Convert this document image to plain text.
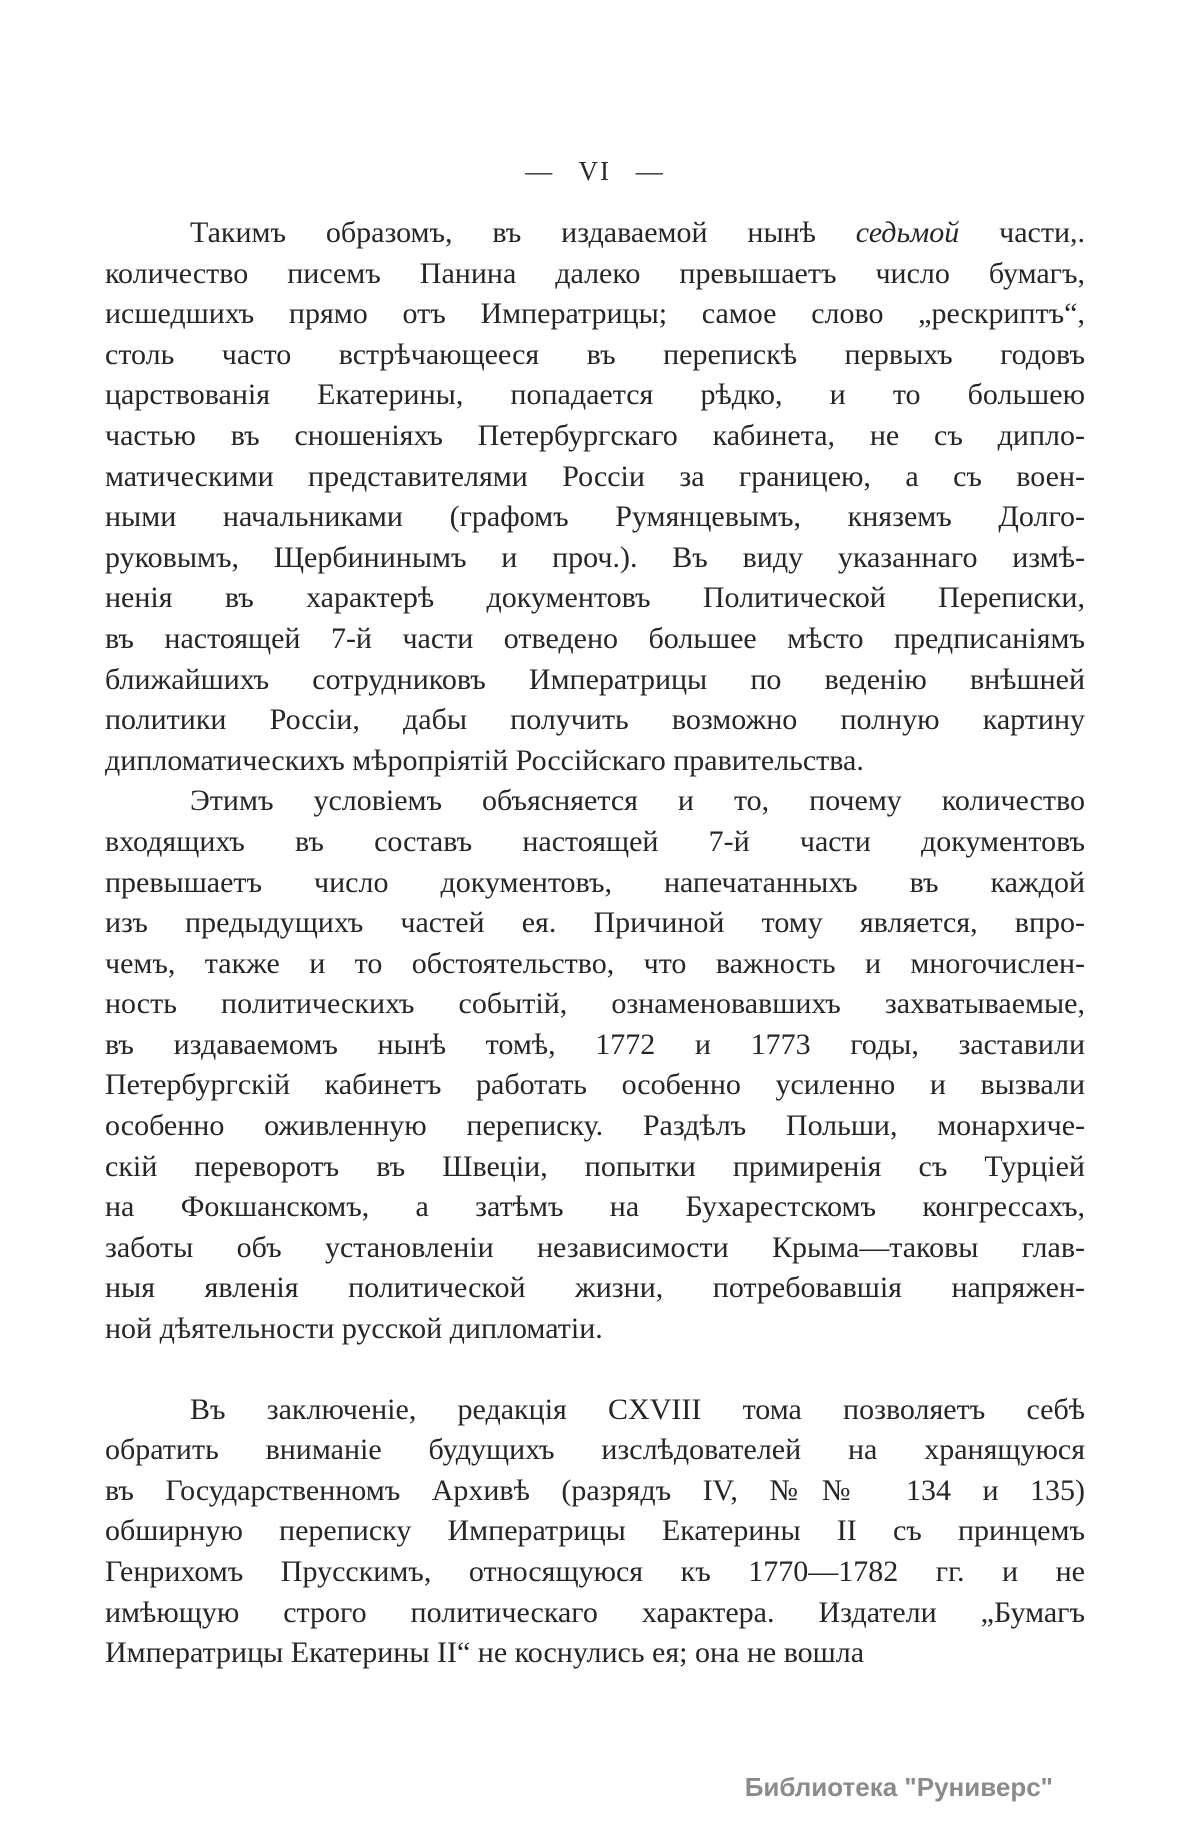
— VI —
Такимъ образомъ, въ издаваемой нынѣ седьмой части,.
количество писемъ Панина далеко превышаетъ число бумагъ,
исшедшихъ прямо отъ Императрицы; самое слово „рескриптъ“,
столь часто встрѣчающееся въ перепискѣ первыхъ годовъ
царствованія Екатерины, попадается рѣдко, и то большею
частью въ сношеніяхъ Петербургскаго кабинета, не съ дипло-
матическими представителями Россіи за границею, а съ воен-
ными начальниками (графомъ Румянцевымъ, княземъ Долго-
руковымъ, Щербининымъ и проч.). Въ виду указаннаго измѣ-
ненія въ характерѣ документовъ Политической Переписки,
въ настоящей 7-й части отведено большее мѣсто предписаніямъ
ближайшихъ сотрудниковъ Императрицы по веденію внѣшней
политики Россіи, дабы получить возможно полную картину
дипломатическихъ мѣропріятій Россійскаго правительства.
Этимъ условіемъ объясняется и то, почему количество
входящихъ въ составъ настоящей 7-й части документовъ
превышаетъ число документовъ, напечатанныхъ въ каждой
изъ предыдущихъ частей ея. Причиной тому является, впро-
чемъ, также и то обстоятельство, что важность и многочислен-
ность политическихъ событій, ознаменовавшихъ захватываемые,
въ издаваемомъ нынѣ томѣ, 1772 и 1773 годы, заставили
Петербургскій кабинетъ работать особенно усиленно и вызвали
особенно оживленную переписку. Раздѣлъ Польши, монархиче-
скій переворотъ въ Швеціи, попытки примиренія съ Турціей
на Фокшанскомъ, а затѣмъ на Бухарестскомъ конгрессахъ,
заботы объ установленіи независимости Крыма—таковы глав-
ныя явленія политической жизни, потребовавшія напряжен-
ной дѣятельности русской дипломатіи.
Въ заключеніе, редакція CXVIII тома позволяетъ себѣ
обратить вниманіе будущихъ изслѣдователей на хранящуюся
въ Государственномъ Архивѣ (разрядъ IV, №№ 134 и 135)
обширную переписку Императрицы Екатерины II съ принцемъ
Генрихомъ Прусскимъ, относящуюся къ 1770—1782 гг. и не
имѣющую строго политическаго характера. Издатели „Бумагъ
Императрицы Екатерины II“ не коснулись ея; она не вошла
Библиотека "Руниверс"
